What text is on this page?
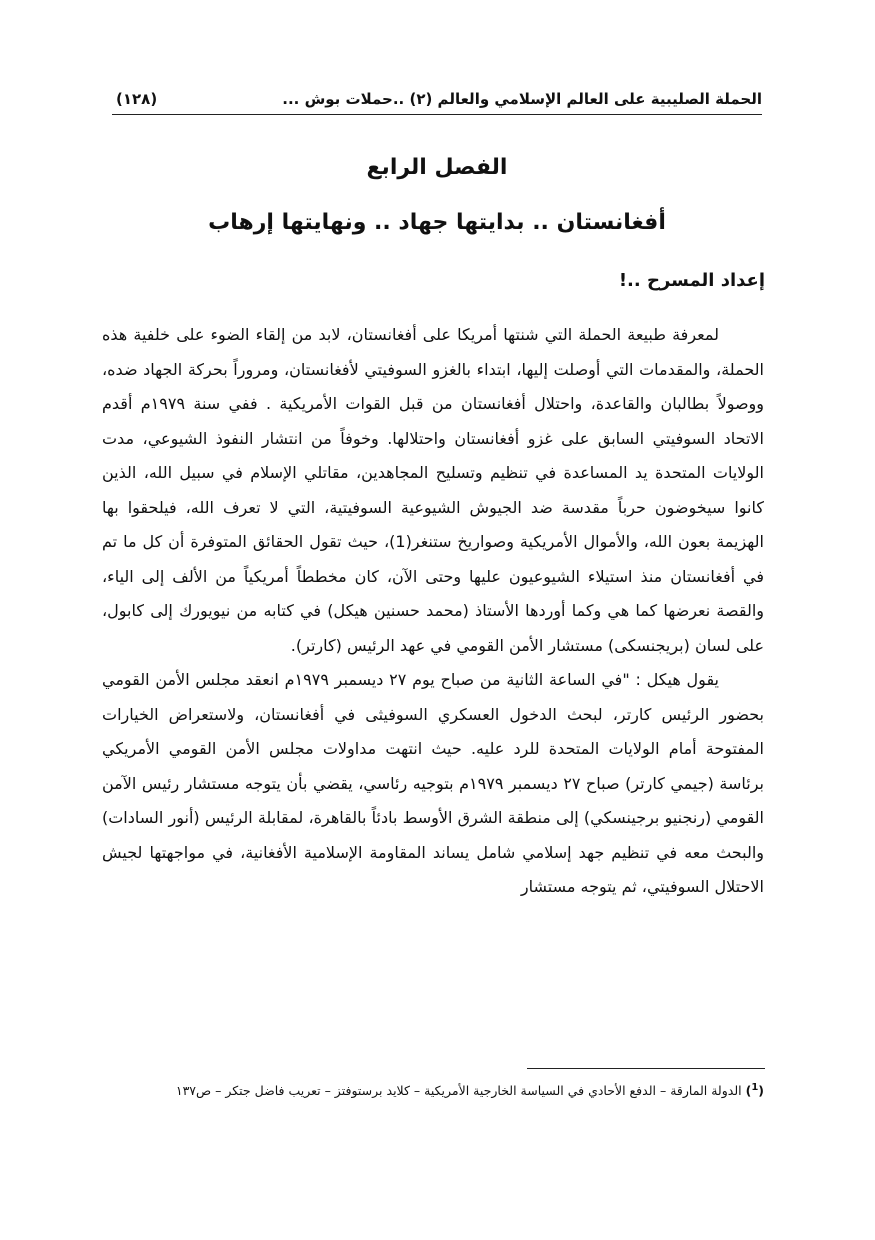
الحملة الصليبية على العالم الإسلامي والعالم (٢) ..حملات بوش ...
(١٢٨)
الفصل الرابع
أفغانستان .. بدايتها جهاد .. ونهايتها إرهاب
إعداد المسرح ..!

لمعرفة طبيعة الحملة التي شنتها أمريكا على أفغانستان، لابد من إلقاء الضوء على خلفية هذه الحملة، والمقدمات التي أوصلت إليها، ابتداء بالغزو السوفيتي لأفغانستان، ومروراً بحركة الجهاد ضده، ووصولاً بطالبان والقاعدة، واحتلال أفغانستان من قبل القوات الأمريكية . ففي سنة ١٩٧٩م أقدم الاتحاد السوفيتي السابق على غزو أفغانستان واحتلالها. وخوفاً من انتشار النفوذ الشيوعي، مدت الولايات المتحدة يد المساعدة في تنظيم وتسليح المجاهدين، مقاتلي الإسلام في سبيل الله، الذين كانوا سيخوضون حرباً مقدسة ضد الجيوش الشيوعية السوفيتية، التي لا تعرف الله، فيلحقوا بها الهزيمة بعون الله، والأموال الأمريكية وصواريخ ستنغر(1)، حيث تقول الحقائق المتوفرة أن كل ما تم في أفغانستان منذ استيلاء الشيوعيون عليها وحتى الآن، كان مخططاً أمريكياً من الألف إلى الياء، والقصة نعرضها كما هي وكما أوردها الأستاذ (محمد حسنين هيكل) في كتابه من نيويورك إلى كابول، على لسان (بريجنسكى) مستشار الأمن القومي في عهد الرئيس (كارتر).

يقول هيكل : "في الساعة الثانية من صباح يوم ٢٧ ديسمبر ١٩٧٩م انعقد مجلس الأمن القومي بحضور الرئيس كارتر، لبحث الدخول العسكري السوفيثى في أفغانستان، ولاستعراض الخيارات المفتوحة أمام الولايات المتحدة للرد عليه. حيث انتهت مداولات مجلس الأمن القومي الأمريكي برئاسة (جيمي كارتر) صباح ٢٧ ديسمبر ١٩٧٩م بتوجيه رئاسي، يقضي بأن يتوجه مستشار رئيس الآمن القومي (رنجنيو برجينسكي) إلى منطقة الشرق الأوسط بادئاً بالقاهرة، لمقابلة الرئيس (أنور السادات) والبحث معه في تنظيم جهد إسلامي شامل يساند المقاومة الإسلامية الأفغانية، في مواجهتها لجيش الاحتلال السوفيتي، ثم يتوجه مستشار

($^1$) الدولة المارقة – الدفع الأحادي في السياسة الخارجية الأمريكية – كلايد برستوفتز – تعريب فاضل جتكر – ص١٣٧
